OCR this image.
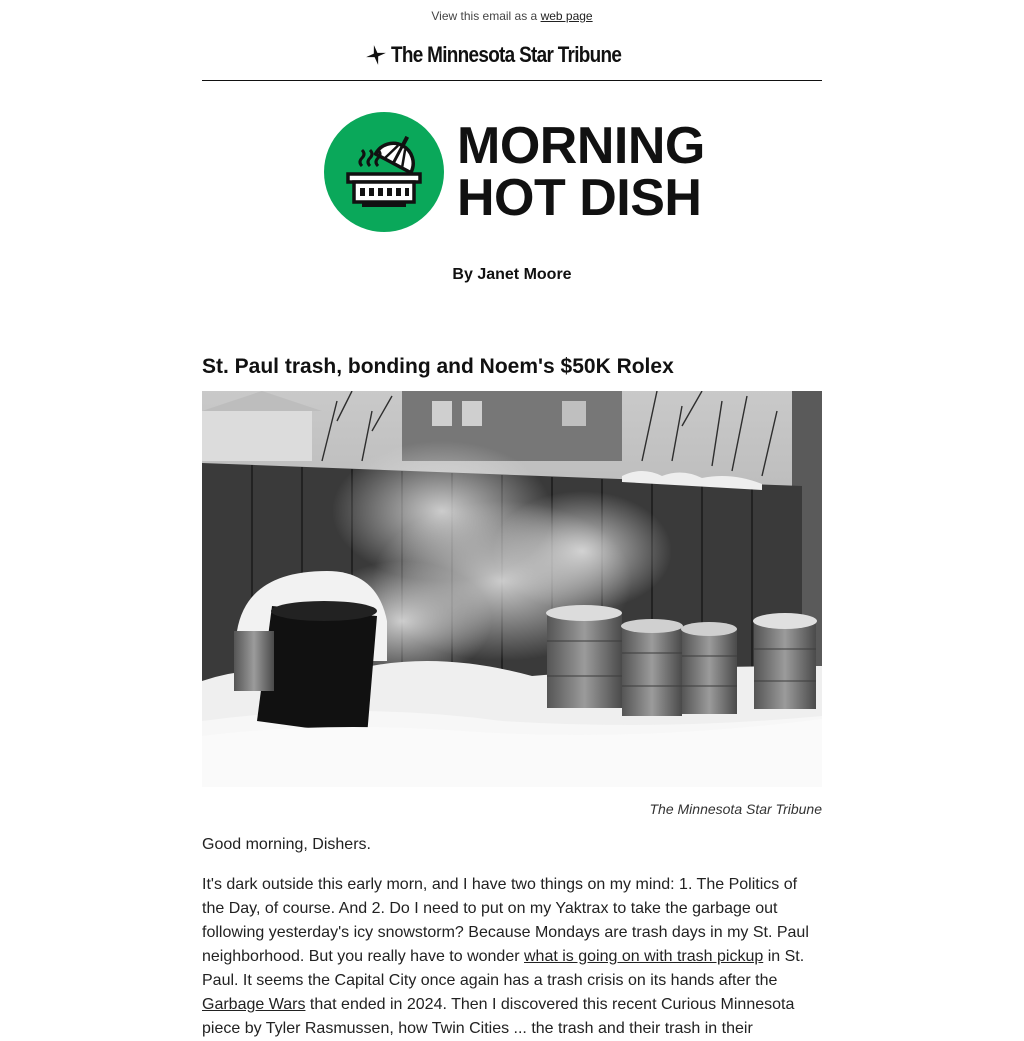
View this email as a web page
The Minnesota Star Tribune
MORNING
HOT DISH
By Janet Moore
St. Paul trash, bonding and Noem's $50K Rolex
The Minnesota Star Tribune

Good morning, Dishers.

It's dark outside this early morn, and I have two things on my mind: 1. The Politics of the Day, of course. And 2. Do I need to put on my Yaktrax to take the garbage out following yesterday's icy snowstorm? Because Mondays are trash days in my St. Paul neighborhood. But you really have to wonder what is going on with trash pickup in St. Paul. It seems the Capital City once again has a trash crisis on its hands after the Garbage Wars that ended in 2024. Then I discovered this recent Curious Minnesota piece by Tyler Rasmussen, how Twin Cities ... the trash and their trash in their
